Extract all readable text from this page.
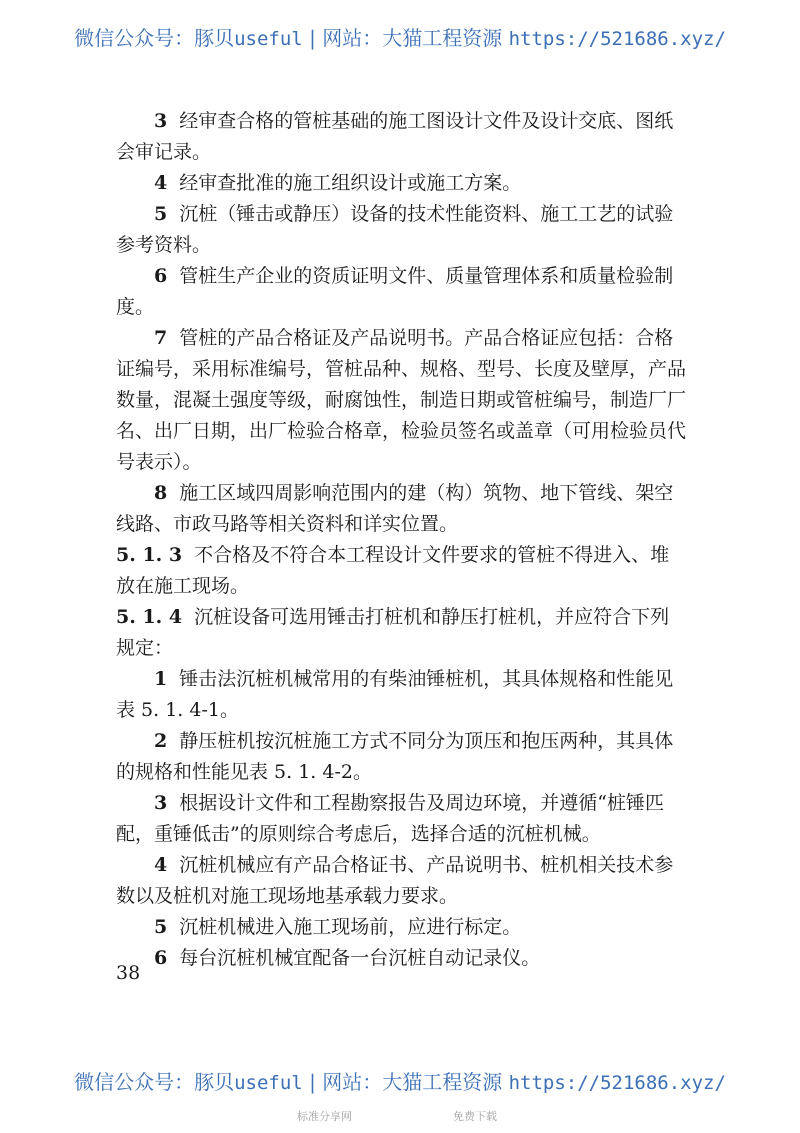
微信公众号：豚贝useful | 网站：大猫工程资源 https://521686.xyz/

3 经审查合格的管桩基础的施工图设计文件及设计交底、图纸会审记录。

4 经审查批准的施工组织设计或施工方案。

5 沉桩（锤击或静压）设备的技术性能资料、施工工艺的试验参考资料。

6 管桩生产企业的资质证明文件、质量管理体系和质量检验制度。

7 管桩的产品合格证及产品说明书。产品合格证应包括：合格证编号，采用标准编号，管桩品种、规格、型号、长度及壁厚，产品数量，混凝土强度等级，耐腐蚀性，制造日期或管桩编号，制造厂厂名、出厂日期，出厂检验合格章，检验员签名或盖章（可用检验员代号表示）。

8 施工区域四周影响范围内的建（构）筑物、地下管线、架空线路、市政马路等相关资料和详实位置。

5. 1. 3 不合格及不符合本工程设计文件要求的管桩不得进入、堆放在施工现场。

5. 1. 4 沉桩设备可选用锤击打桩机和静压打桩机，并应符合下列规定：

1 锤击法沉桩机械常用的有柴油锤桩机，其具体规格和性能见表 5. 1. 4-1。

2 静压桩机按沉桩施工方式不同分为顶压和抱压两种，其具体的规格和性能见表 5. 1. 4-2。

3 根据设计文件和工程勘察报告及周边环境，并遵循“桩锤匹配，重锤低击”的原则综合考虑后，选择合适的沉桩机械。

4 沉桩机械应有产品合格证书、产品说明书、桩机相关技术参数以及桩机对施工现场地基承载力要求。

5 沉桩机械进入施工现场前，应进行标定。

6 每台沉桩机械宜配备一台沉桩自动记录仪。

38
微信公众号：豚贝useful | 网站：大猫工程资源 https://521686.xyz/
标准分享网	免费下载
